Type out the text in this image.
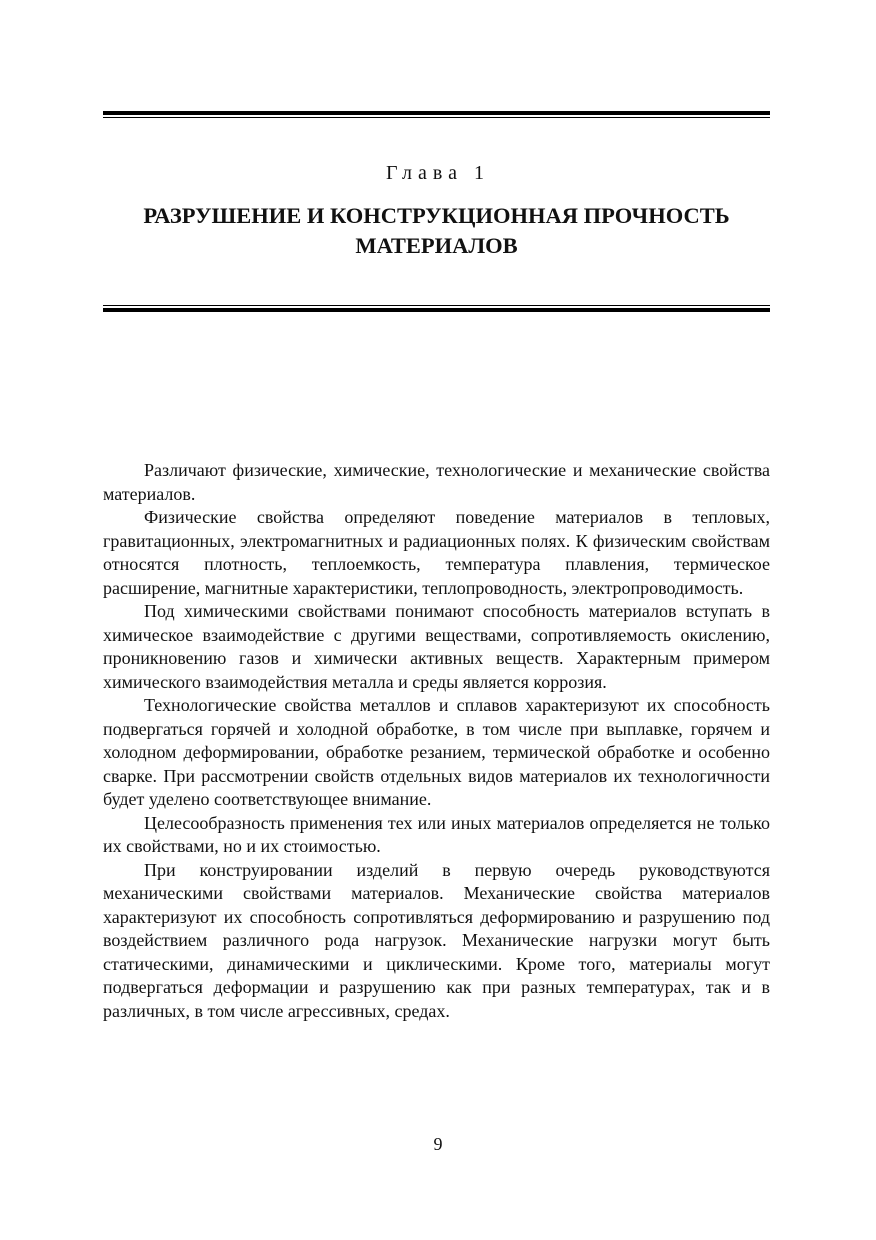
Глава 1
РАЗРУШЕНИЕ И КОНСТРУКЦИОННАЯ ПРОЧНОСТЬ
МАТЕРИАЛОВ

Различают физические, химические, технологические и механические свойства материалов.

Физические свойства определяют поведение материалов в тепловых, гравитационных, электромагнитных и радиационных полях. К физическим свойствам относятся плотность, теплоемкость, температура плавления, термическое расширение, магнитные характеристики, теплопроводность, электропроводимость.

Под химическими свойствами понимают способность материалов вступать в химическое взаимодействие с другими веществами, сопротивляемость окислению, проникновению газов и химически активных веществ. Характерным примером химического взаимодействия металла и среды является коррозия.

Технологические свойства металлов и сплавов характеризуют их способность подвергаться горячей и холодной обработке, в том числе при выплавке, горячем и холодном деформировании, обработке резанием, термической обработке и особенно сварке. При рассмотрении свойств отдельных видов материалов их технологичности будет уделено соответствующее внимание.

Целесообразность применения тех или иных материалов определяется не только их свойствами, но и их стоимостью.

При конструировании изделий в первую очередь руководствуются механическими свойствами материалов. Механические свойства материалов характеризуют их способность сопротивляться деформированию и разрушению под воздействием различного рода нагрузок. Механические нагрузки могут быть статическими, динамическими и циклическими. Кроме того, материалы могут подвергаться деформации и разрушению как при разных температурах, так и в различных, в том числе агрессивных, средах.

9
